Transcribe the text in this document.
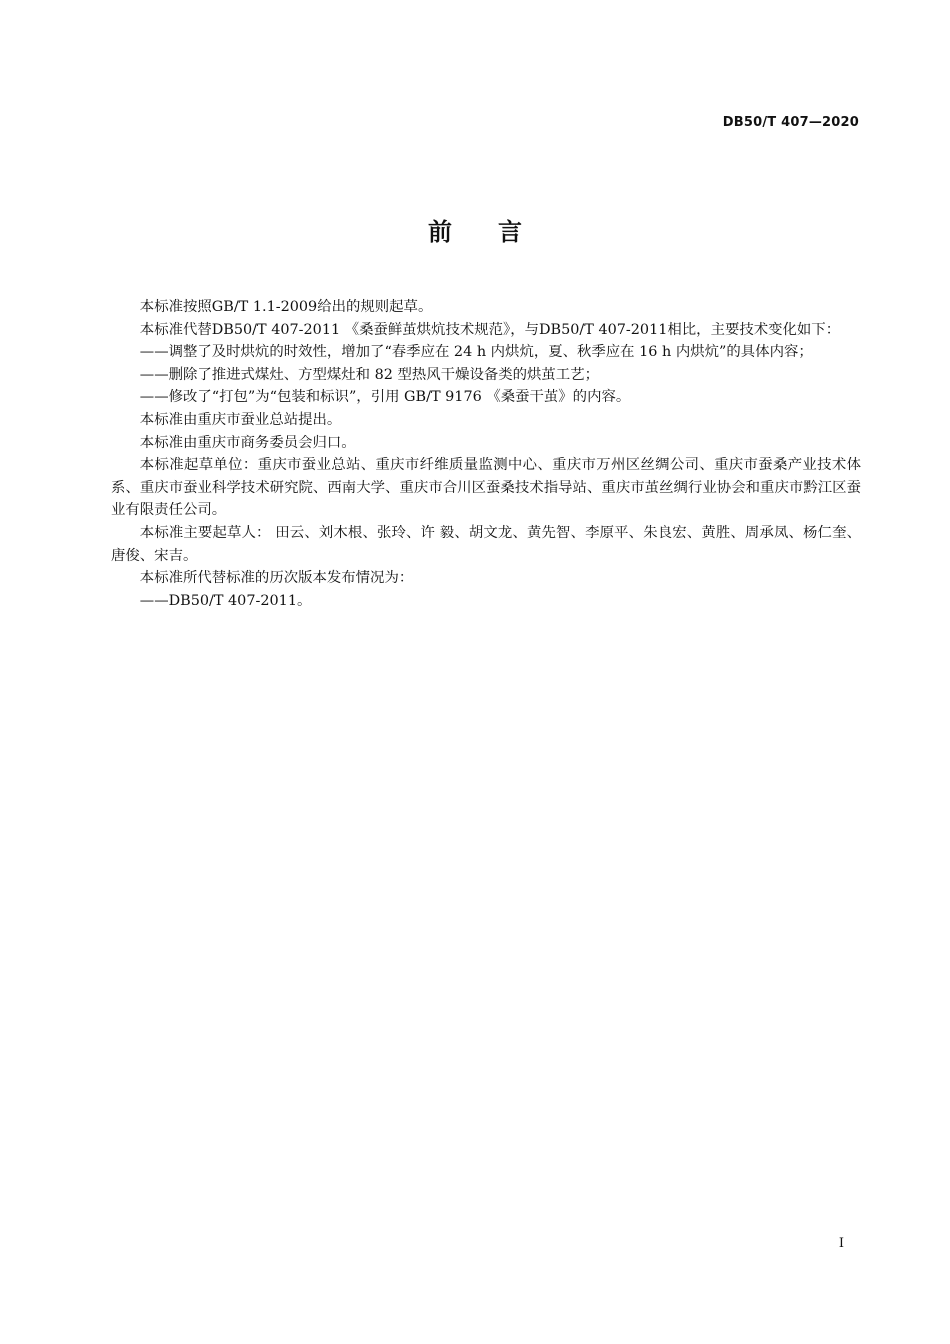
DB50/T 407—2020
前言

本标准按照GB/T 1.1-2009给出的规则起草。

本标准代替DB50/T 407-2011 《桑蚕鲜茧烘炕技术规范》，与DB50/T 407-2011相比，主要技术变化如下：

——调整了及时烘炕的时效性，增加了“春季应在 24 h 内烘炕，夏、秋季应在 16 h 内烘炕”的具体内容；

——删除了推进式煤灶、方型煤灶和 82 型热风干燥设备类的烘茧工艺；

——修改了“打包”为“包装和标识”，引用 GB/T 9176 《桑蚕干茧》的内容。

本标准由重庆市蚕业总站提出。

本标准由重庆市商务委员会归口。

本标准起草单位：重庆市蚕业总站、重庆市纤维质量监测中心、重庆市万州区丝绸公司、重庆市蚕桑产业技术体系、重庆市蚕业科学技术研究院、西南大学、重庆市合川区蚕桑技术指导站、重庆市茧丝绸行业协会和重庆市黔江区蚕业有限责任公司。

本标准主要起草人： 田云、刘木根、张玲、许 毅、胡文龙、黄先智、李原平、朱良宏、黄胜、周承凤、杨仁奎、唐俊、宋吉。

本标准所代替标准的历次版本发布情况为：

——DB50/T 407-2011。

I
